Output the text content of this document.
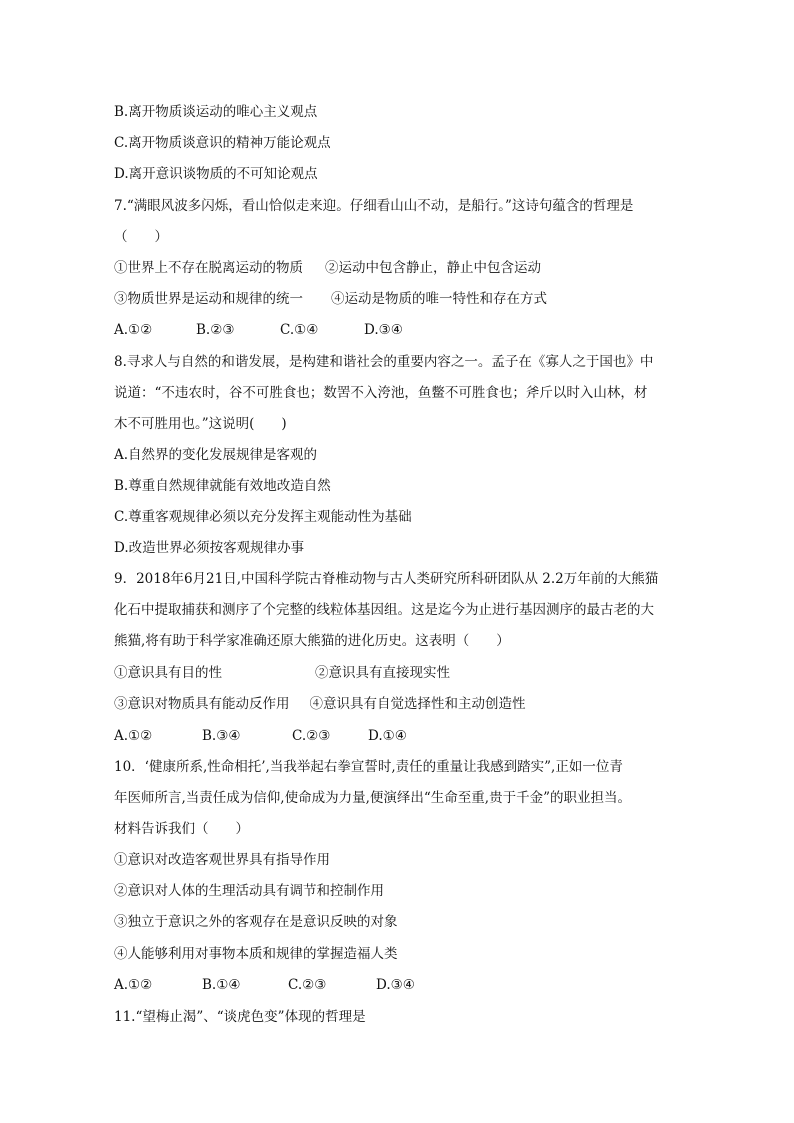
B.离开物质谈运动的唯心主义观点
C.离开物质谈意识的精神万能论观点
D.离开意识谈物质的不可知论观点
7.“满眼风波多闪烁，看山恰似走来迎。仔细看山山不动，是船行。”这诗句蕴含的哲理是
（　　）
①世界上不存在脱离运动的物质 ②运动中包含静止，静止中包含运动
③物质世界是运动和规律的统一 ④运动是物质的唯一特性和存在方式
A.①②	B.②③	C.①④	D.③④
8.寻求人与自然的和谐发展，是构建和谐社会的重要内容之一。孟子在《寡人之于国也》中
说道：“不违农时，谷不可胜食也；数罟不入洿池，鱼鳖不可胜食也；斧斤以时入山林，材
木不可胜用也。”这说明(　　)
A.自然界的变化发展规律是客观的
B.尊重自然规律就能有效地改造自然
C.尊重客观规律必须以充分发挥主观能动性为基础
D.改造世界必须按客观规律办事
9．2018年6月21日,中国科学院古脊椎动物与古人类研究所科研团队从 2.2万年前的大熊猫
化石中提取捕获和测序了个完整的线粒体基因组。这是迄今为止进行基因测序的最古老的大
熊猫,将有助于科学家准确还原大熊猫的进化历史。这表明（　　）
①意识具有目的性	②意识具有直接现实性
③意识对物质具有能动反作用 ④意识具有自觉选择性和主动创造性
A.①②	B.③④	C.②③	D.①④
10．‘健康所系,性命相托’,当我举起右拳宣誓时,责任的重量让我感到踏实”,正如一位青
年医师所言,当责任成为信仰,使命成为力量,便演绎出“生命至重,贵于千金”的职业担当。
材料告诉我们（　　）
①意识对改造客观世界具有指导作用
②意识对人体的生理活动具有调节和控制作用
③独立于意识之外的客观存在是意识反映的对象
④人能够利用对事物本质和规律的掌握造福人类
A.①②	B.①④	C.②③	D.③④
11.“望梅止渴”、“谈虎色变”体现的哲理是
